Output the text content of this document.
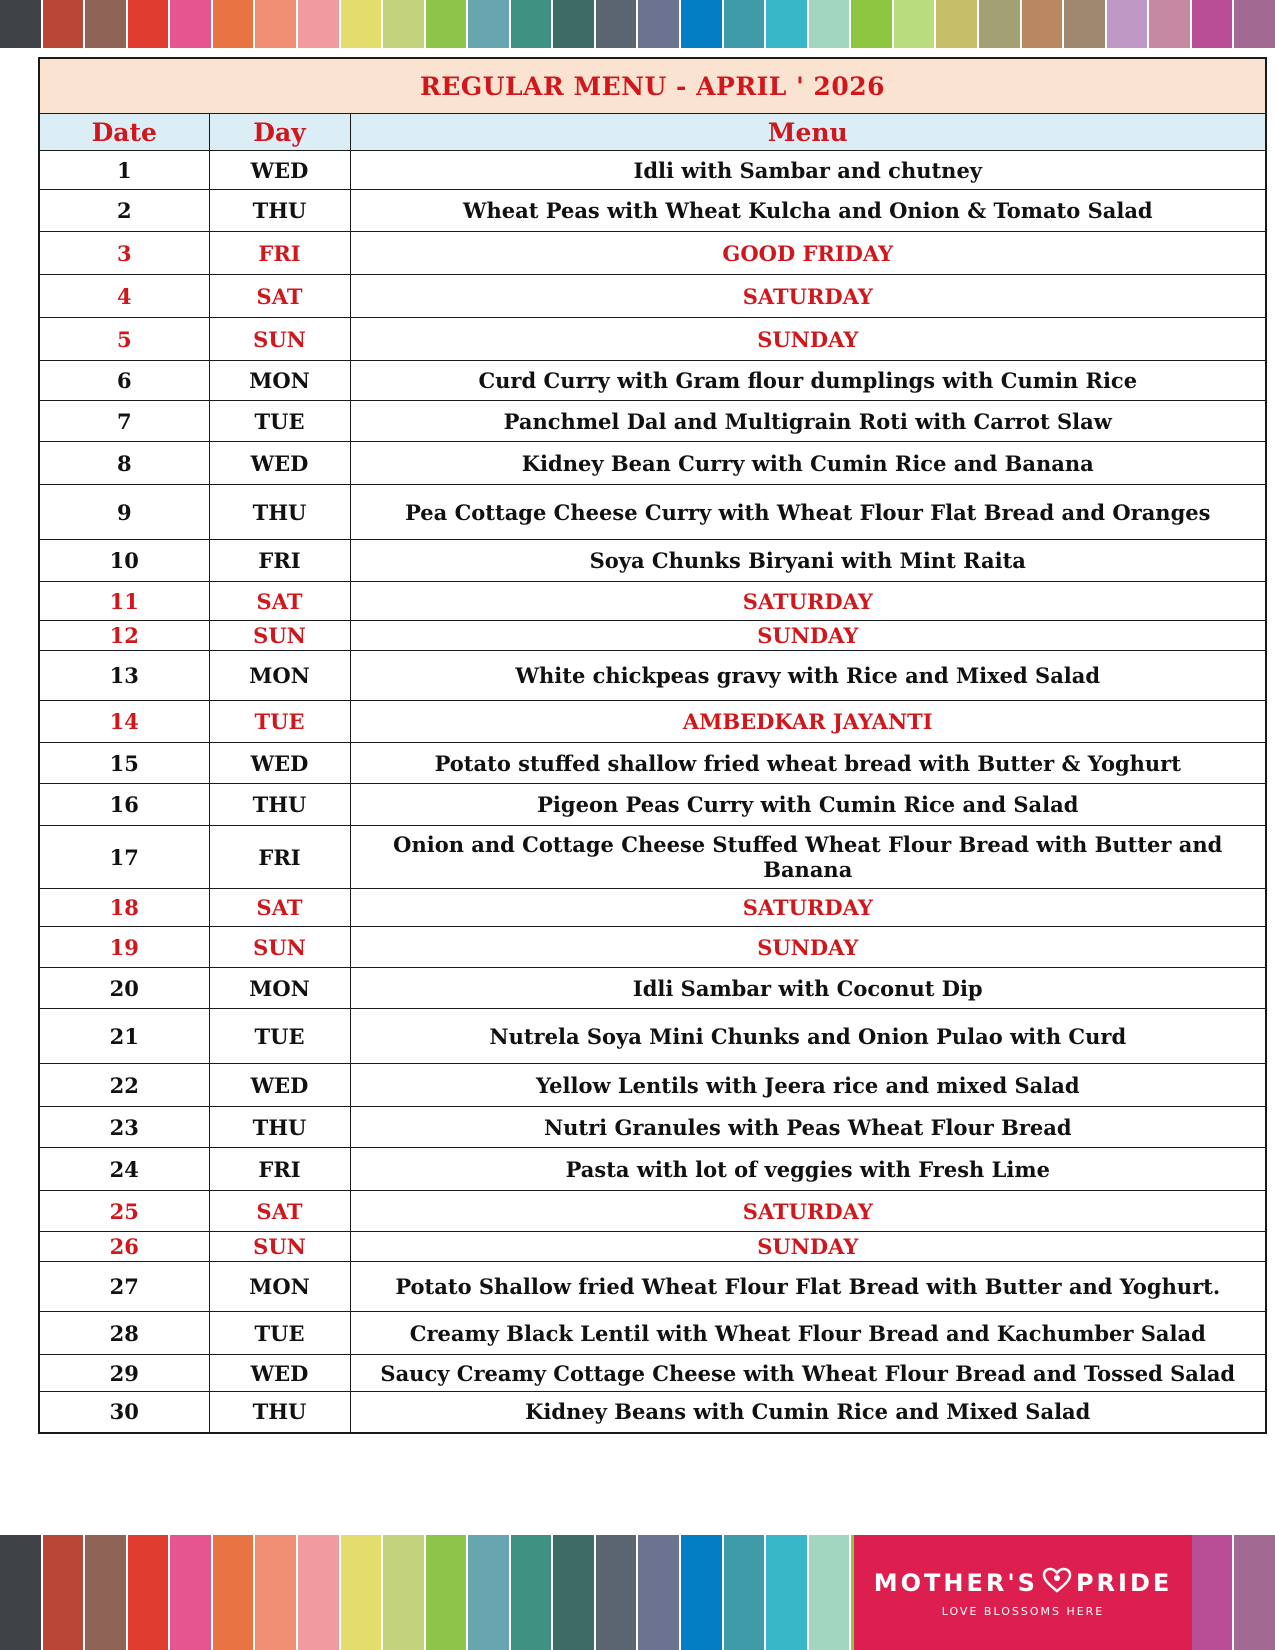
REGULAR MENU - APRIL ' 2026		
Date	Day	Menu
1	WED	Idli with Sambar and chutney
2	THU	Wheat Peas with Wheat Kulcha and Onion & Tomato Salad
3	FRI	GOOD FRIDAY
4	SAT	SATURDAY
5	SUN	SUNDAY
6	MON	Curd Curry with Gram flour dumplings with Cumin Rice
7	TUE	Panchmel Dal and Multigrain Roti with Carrot Slaw
8	WED	Kidney Bean Curry with Cumin Rice and Banana
9	THU	Pea Cottage Cheese Curry with Wheat Flour Flat Bread and Oranges
10	FRI	Soya Chunks Biryani with Mint Raita
11	SAT	SATURDAY
12	SUN	SUNDAY
13	MON	White chickpeas gravy with Rice and Mixed Salad
14	TUE	AMBEDKAR JAYANTI
15	WED	Potato stuffed shallow fried wheat bread with Butter & Yoghurt
16	THU	Pigeon Peas Curry with Cumin Rice and Salad
17	FRI	Onion and Cottage Cheese Stuffed Wheat Flour Bread with Butter and Banana
18	SAT	SATURDAY
19	SUN	SUNDAY
20	MON	Idli Sambar with Coconut Dip
21	TUE	Nutrela Soya Mini Chunks and Onion Pulao with Curd
22	WED	Yellow Lentils with Jeera rice and mixed Salad
23	THU	Nutri Granules with Peas Wheat Flour Bread
24	FRI	Pasta with lot of veggies with Fresh Lime
25	SAT	SATURDAY
26	SUN	SUNDAY
27	MON	Potato Shallow fried Wheat Flour Flat Bread with Butter and Yoghurt.
28	TUE	Creamy Black Lentil with Wheat Flour Bread and Kachumber Salad
29	WED	Saucy Creamy Cottage Cheese with Wheat Flour Bread and Tossed Salad
30	THU	Kidney Beans with Cumin Rice and Mixed Salad
MOTHER'S PRIDE
LOVE BLOSSOMS HERE
